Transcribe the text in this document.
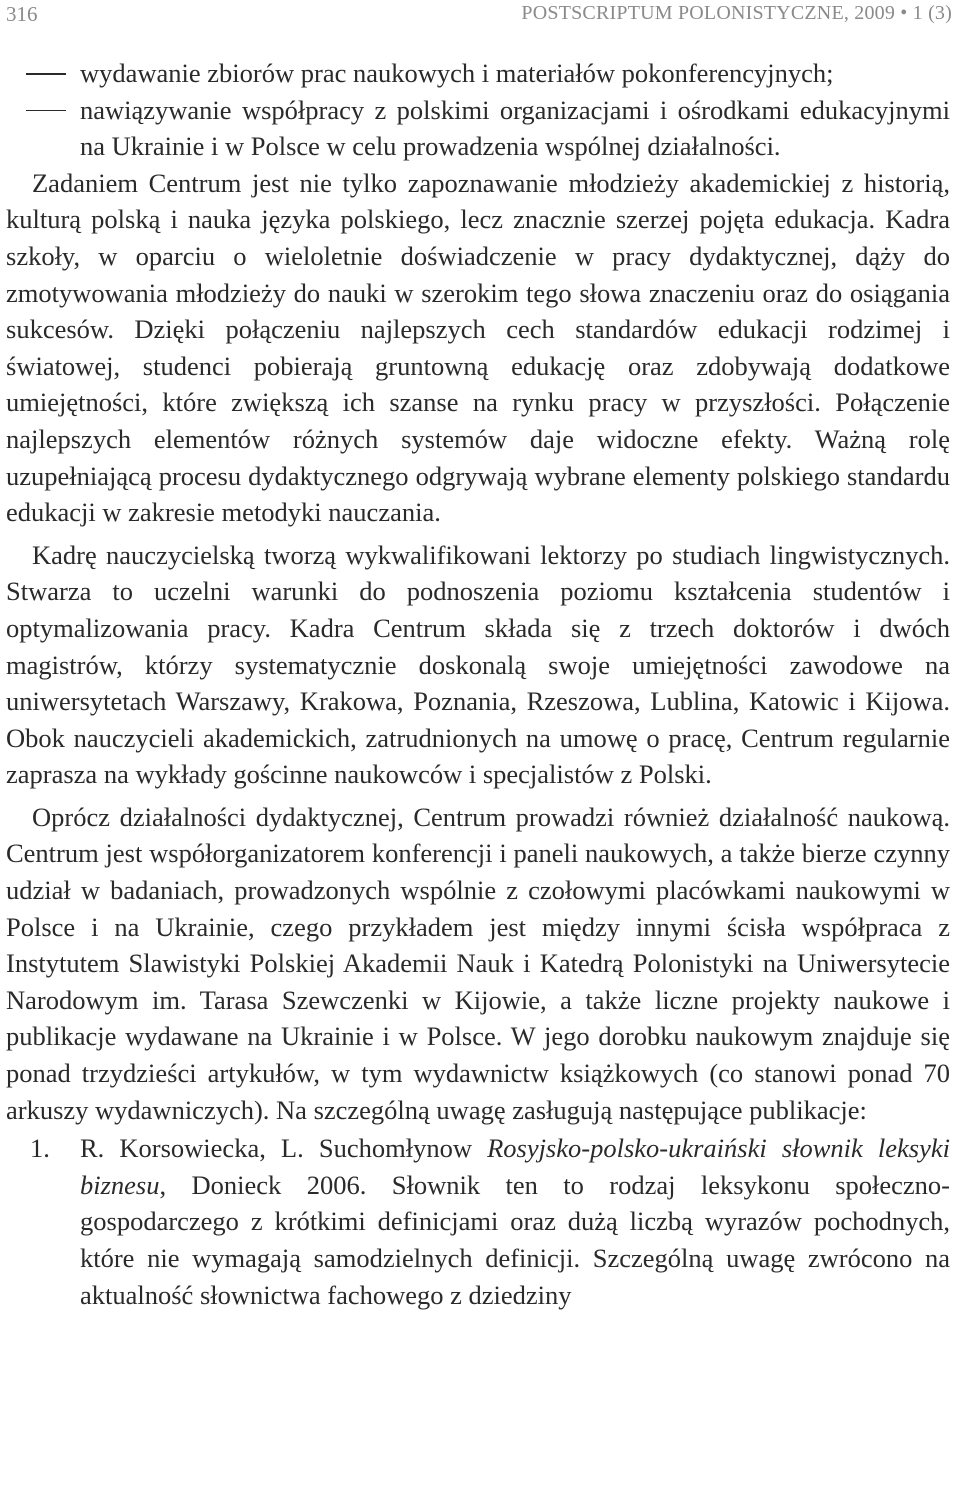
316	POSTSCRIPTUM POLONISTYCZNE, 2009 • 1 (3)
wydawanie zbiorów prac naukowych i materiałów pokonferencyjnych;
nawiązywanie współpracy z polskimi organizacjami i ośrodkami edukacyjnymi na Ukrainie i w Polsce w celu prowadzenia wspólnej działalności.

Zadaniem Centrum jest nie tylko zapoznawanie młodzieży akademickiej z historią, kulturą polską i nauka języka polskiego, lecz znacznie szerzej pojęta edukacja. Kadra szkoły, w oparciu o wieloletnie doświadczenie w pracy dydaktycznej, dąży do zmotywowania młodzieży do nauki w szerokim tego słowa znaczeniu oraz do osiągania sukcesów. Dzięki połączeniu najlepszych cech standardów edukacji rodzimej i światowej, studenci pobierają gruntowną edukację oraz zdobywają dodatkowe umiejętności, które zwiększą ich szanse na rynku pracy w przyszłości. Połączenie najlepszych elementów różnych systemów daje widoczne efekty. Ważną rolę uzupełniającą procesu dydaktycznego odgrywają wybrane elementy polskiego standardu edukacji w zakresie metodyki nauczania.

Kadrę nauczycielską tworzą wykwalifikowani lektorzy po studiach lingwistycznych. Stwarza to uczelni warunki do podnoszenia poziomu kształcenia studentów i optymalizowania pracy. Kadra Centrum składa się z trzech doktorów i dwóch magistrów, którzy systematycznie doskonalą swoje umiejętności zawodowe na uniwersytetach Warszawy, Krakowa, Poznania, Rzeszowa, Lublina, Katowic i Kijowa. Obok nauczycieli akademickich, zatrudnionych na umowę o pracę, Centrum regularnie zaprasza na wykłady gościnne naukowców i specjalistów z Polski.

Oprócz działalności dydaktycznej, Centrum prowadzi również działalność naukową. Centrum jest współorganizatorem konferencji i paneli naukowych, a także bierze czynny udział w badaniach, prowadzonych wspólnie z czołowymi placówkami naukowymi w Polsce i na Ukrainie, czego przykładem jest między innymi ścisła współpraca z Instytutem Slawistyki Polskiej Akademii Nauk i Katedrą Polonistyki na Uniwersytecie Narodowym im. Tarasa Szewczenki w Kijowie, a także liczne projekty naukowe i publikacje wydawane na Ukrainie i w Polsce. W jego dorobku naukowym znajduje się ponad trzydzieści artykułów, w tym wydawnictw książkowych (co stanowi ponad 70 arkuszy wydawniczych). Na szczególną uwagę zasługują następujące publikacje:

1. R. Korsowiecka, L. Suchomłynow Rosyjsko-polsko-ukraiński słownik leksyki biznesu, Donieck 2006. Słownik ten to rodzaj leksykonu społeczno-gospodarczego z krótkimi definicjami oraz dużą liczbą wyrazów pochodnych, które nie wymagają samodzielnych definicji. Szczególną uwagę zwrócono na aktualność słownictwa fachowego z dziedziny
